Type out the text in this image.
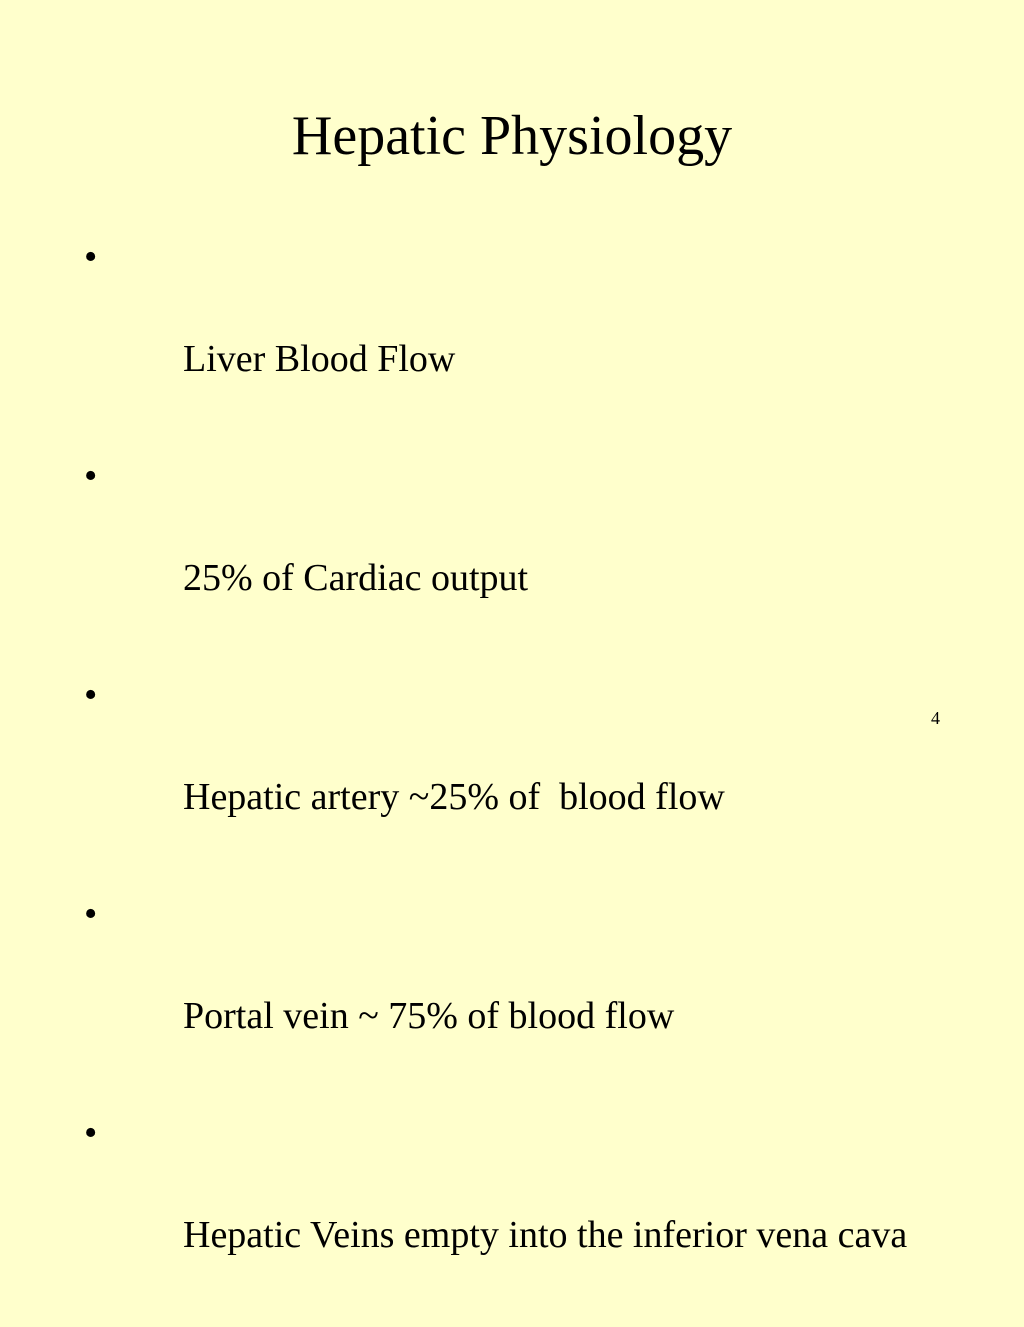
Hepatic Physiology

•

Liver Blood Flow

•

25% of Cardiac output

•

Hepatic artery ~25% of  blood flow

•

Portal vein ~ 75% of blood flow

•

Hepatic Veins empty into the inferior vena cava

4
